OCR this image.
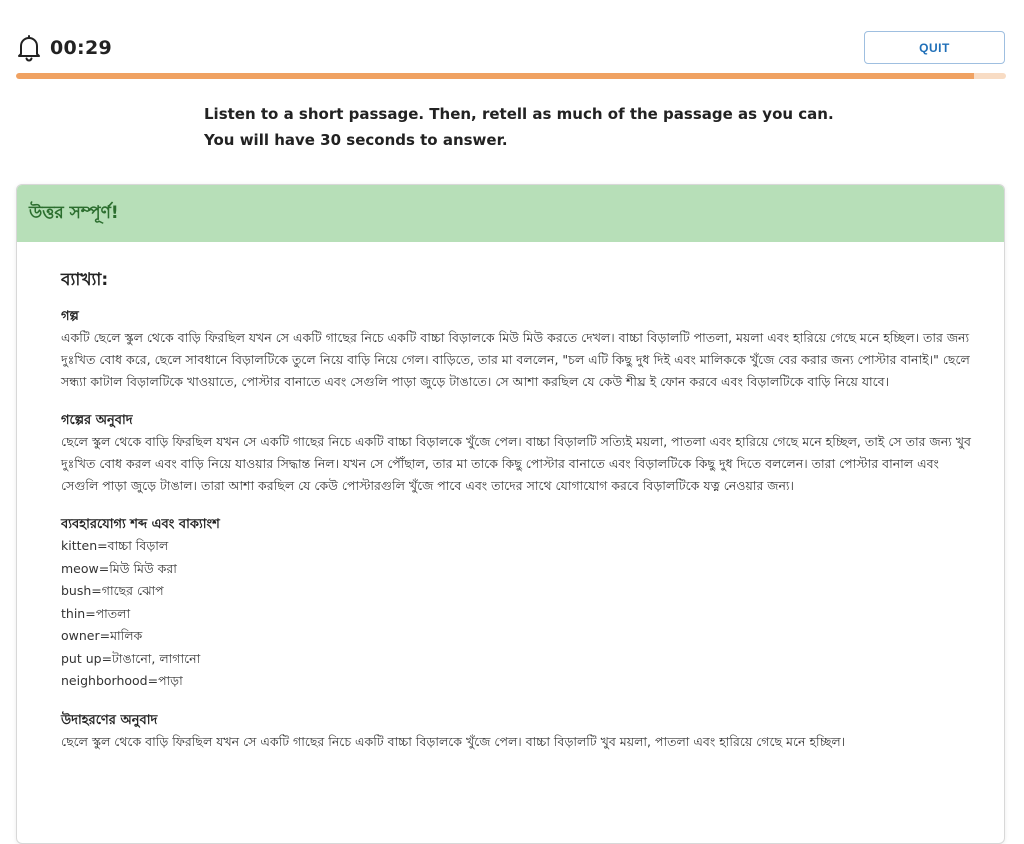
00:29	QUIT
Listen to a short passage. Then, retell as much of the passage as you can.
You will have 30 seconds to answer.
উত্তর সম্পূর্ণ!
ব্যাখ্যা:
গল্প
একটি ছেলে স্কুল থেকে বাড়ি ফিরছিল যখন সে একটি গাছের নিচে একটি বাচ্চা বিড়ালকে মিউ মিউ করতে দেখল। বাচ্চা বিড়ালটি পাতলা, ময়লা এবং হারিয়ে গেছে মনে হচ্ছিল। তার জন্য দুঃখিত বোধ করে, ছেলে সাবধানে বিড়ালটিকে তুলে নিয়ে বাড়ি নিয়ে গেল। বাড়িতে, তার মা বললেন, "চল এটি কিছু দুধ দিই এবং মালিককে খুঁজে বের করার জন্য পোস্টার বানাই।" ছেলে সন্ধ্যা কাটাল বিড়ালটিকে খাওয়াতে, পোস্টার বানাতে এবং সেগুলি পাড়া জুড়ে টাঙাতে। সে আশা করছিল যে কেউ শীঘ্র ই ফোন করবে এবং বিড়ালটিকে বাড়ি নিয়ে যাবে।
গল্পের অনুবাদ
ছেলে স্কুল থেকে বাড়ি ফিরছিল যখন সে একটি গাছের নিচে একটি বাচ্চা বিড়ালকে খুঁজে পেল। বাচ্চা বিড়ালটি সত্যিই ময়লা, পাতলা এবং হারিয়ে গেছে মনে হচ্ছিল, তাই সে তার জন্য খুব দুঃখিত বোধ করল এবং বাড়ি নিয়ে যাওয়ার সিদ্ধান্ত নিল। যখন সে পৌঁছাল, তার মা তাকে কিছু পোস্টার বানাতে এবং বিড়ালটিকে কিছু দুধ দিতে বললেন। তারা পোস্টার বানাল এবং সেগুলি পাড়া জুড়ে টাঙাল। তারা আশা করছিল যে কেউ পোস্টারগুলি খুঁজে পাবে এবং তাদের সাথে যোগাযোগ করবে বিড়ালটিকে যত্ন নেওয়ার জন্য।
ব্যবহারযোগ্য শব্দ এবং বাক্যাংশ
kitten=বাচ্চা বিড়াল
meow=মিউ মিউ করা
bush=গাছের ঝোপ
thin=পাতলা
owner=মালিক
put up=টাঙানো, লাগানো
neighborhood=পাড়া
উদাহরণের অনুবাদ
ছেলে স্কুল থেকে বাড়ি ফিরছিল যখন সে একটি গাছের নিচে একটি বাচ্চা বিড়ালকে খুঁজে পেল। বাচ্চা বিড়ালটি খুব ময়লা, পাতলা এবং হারিয়ে গেছে মনে হচ্ছিল।
